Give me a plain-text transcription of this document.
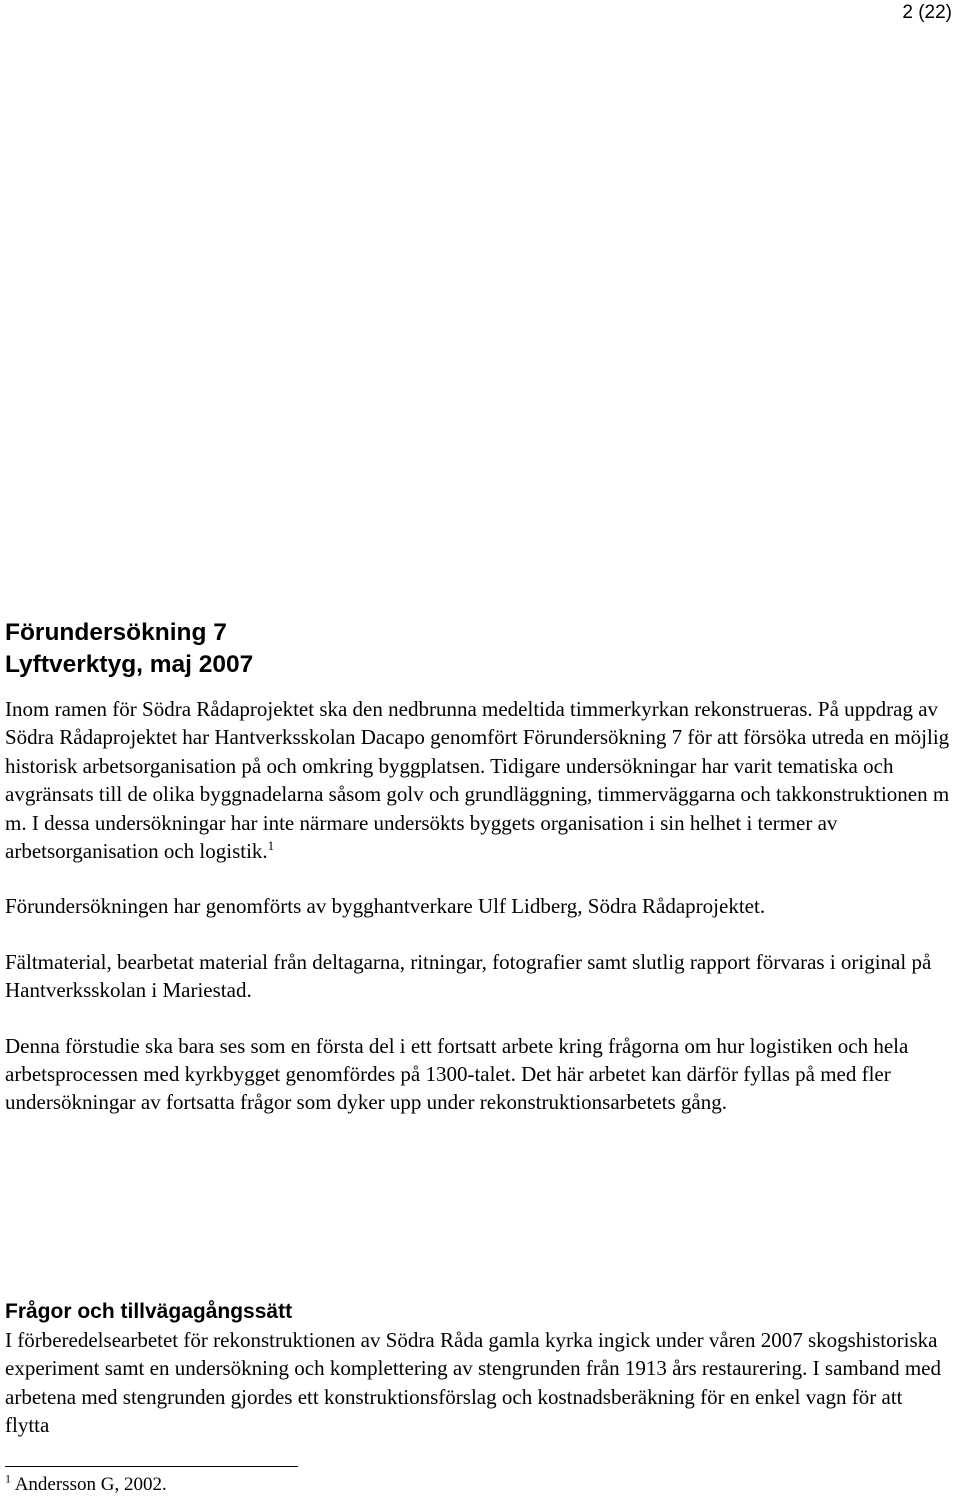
2 (22)
Förundersökning 7
Lyftverktyg, maj 2007

Inom ramen för Södra Rådaprojektet ska den nedbrunna medeltida timmerkyrkan rekonstrueras. På uppdrag av Södra Rådaprojektet har Hantverksskolan Dacapo genomfört Förundersökning 7 för att försöka utreda en möjlig historisk arbetsorganisation på och omkring byggplatsen. Tidigare undersökningar har varit tematiska och avgränsats till de olika byggnadelarna såsom golv och grundläggning, timmerväggarna och takkonstruktionen m m. I dessa undersökningar har inte närmare undersökts byggets organisation i sin helhet i termer av arbetsorganisation och logistik.$^1$

Förundersökningen har genomförts av bygghantverkare Ulf Lidberg, Södra Rådaprojektet.

Fältmaterial, bearbetat material från deltagarna, ritningar, fotografier samt slutlig rapport förvaras i original på Hantverksskolan i Mariestad.

Denna förstudie ska bara ses som en första del i ett fortsatt arbete kring frågorna om hur logistiken och hela arbetsprocessen med kyrkbygget genomfördes på 1300-talet. Det här arbetet kan därför fyllas på med fler undersökningar av fortsatta frågor som dyker upp under rekonstruktionsarbetets gång.

Frågor och tillvägagångssätt

I förberedelsearbetet för rekonstruktionen av Södra Råda gamla kyrka ingick under våren 2007 skogshistoriska experiment samt en undersökning och komplettering av stengrunden från 1913 års restaurering. I samband med arbetena med stengrunden gjordes ett konstruktionsförslag och kostnadsberäkning för en enkel vagn för att flytta

$^1$ Andersson G, 2002.
